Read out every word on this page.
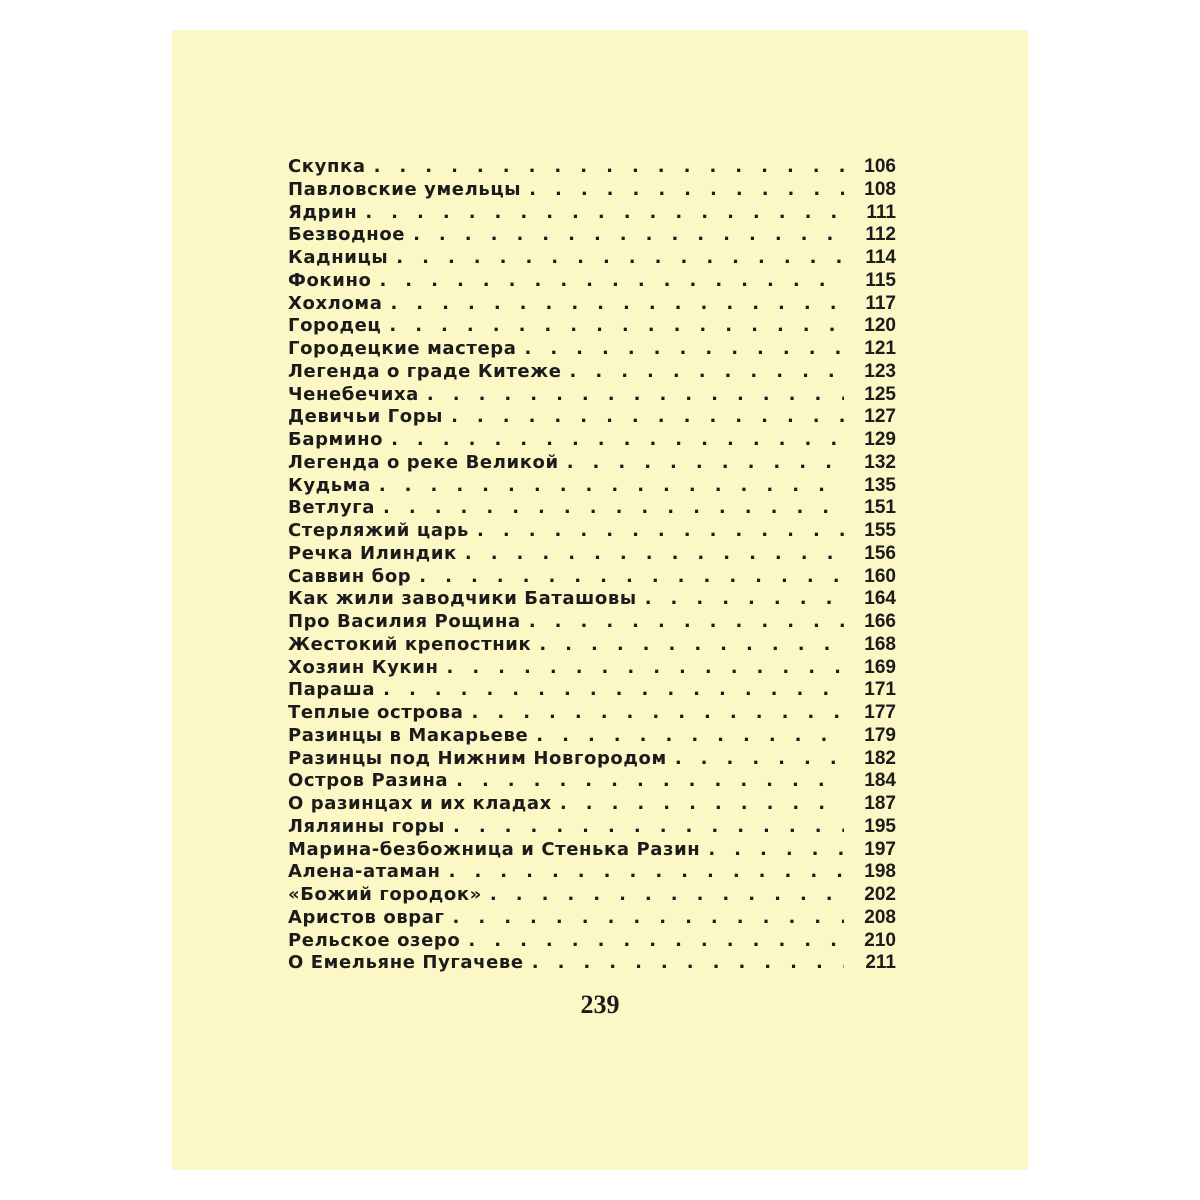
Скупка .....	106
Павловские умельцы .....	108
Ядрин .....	111
Безводное .....	112
Кадницы .....	114
Фокино .....	115
Хохлома .....	117
Городец .....	120
Городецкие мастера .....	121
Легенда о граде Китеже .....	123
Ченебечиха .....	125
Девичьи Горы .....	127
Бармино .....	129
Легенда о реке Великой .....	132
Кудьма .....	135
Ветлуга .....	151
Стерляжий царь .....	155
Речка Илиндик .....	156
Саввин бор .....	160
Как жили заводчики Баташовы .....	164
Про Василия Рощина .....	166
Жестокий крепостник .....	168
Хозяин Кукин .....	169
Параша .....	171
Теплые острова .....	177
Разинцы в Макарьеве .....	179
Разинцы под Нижним Новгородом .....	182
Остров Разина .....	184
О разинцах и их кладах .....	187
Ляляины горы .....	195
Марина-безбожница и Стенька Разин .....	197
Алена-атаман .....	198
«Божий городок» .....	202
Аристов овраг .....	208
Рельское озеро .....	210
О Емельяне Пугачеве .....	211
239
